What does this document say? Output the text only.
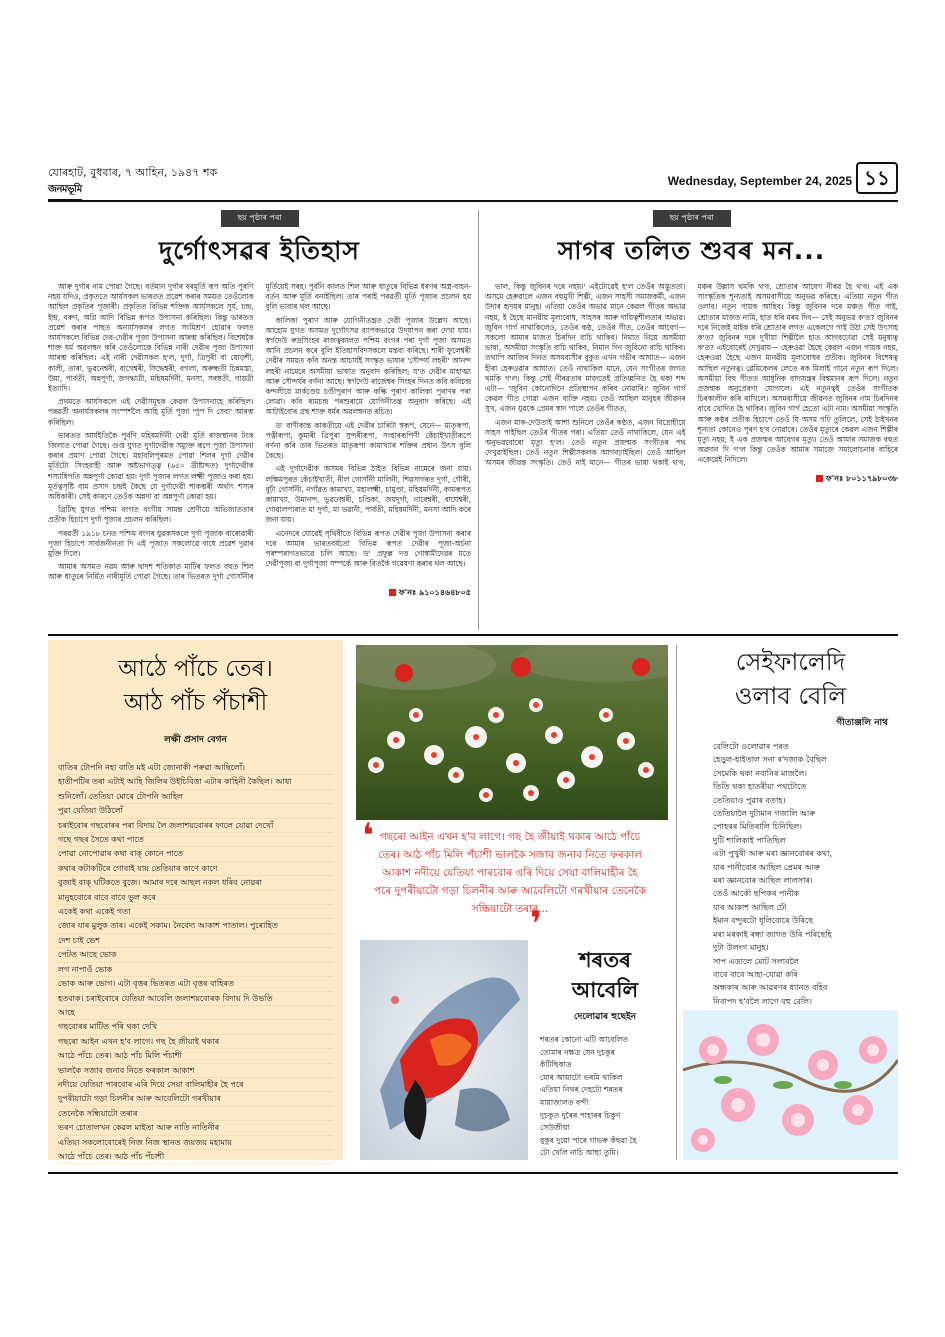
যোৰহাট, বুধবাৰ, ৭ আহিন, ১৯৪৭ শক
জনমভূমি
Wednesday, September 24, 2025 ১১
ছয় পৃষ্ঠাৰ পৰা
দুৰ্গোৎসৱৰ ইতিহাস

আৰু দুৰ্গাৰ নাম পোৱা গৈছে। বৰ্তমান দুৰ্গাৰ বৰমূৰ্তি ৰূপ অতি পুৰণি নহয় যদিও, প্ৰকৃততে আৰ্যসকল ভাৰতত প্ৰৱেশ কৰাৰ সময়ত তেওঁলোক আছিল প্ৰকৃতিৰ পূজাৰী। প্ৰকৃতিত বিভিন্ন শক্তিক আৰ্যসকলে সূৰ্য, চন্দ্ৰ, ইন্দ্ৰ, বৰুণ, অগ্নি আদি বিভিন্ন ৰূপত উপাসনা কৰিছিল। কিন্তু ভাৰতত প্ৰৱেশ কৰাৰ পাছত অনাৰ্যসকলৰ লগত সংমিশ্ৰণ হোৱাৰ ফলত আৰ্যসকলে বিভিন্ন দেব-দেৱীৰ পূজা উপাসনা আৰম্ভ কৰিছিল। বিশেষকৈ শাক্ত ধৰ্ম অৱলম্বন কৰি তেওঁলোকে বিভিন্ন নাৰী দেৱীৰ পূজা উপাসনা আৰম্ভ কৰিছিল। এই নাৰী দেৱীসকল হ'ল, দুৰ্গা, ত্ৰিপুৰী বা ষোড়শী, কালী, তাৰা, ভুৱনেশ্বৰী, বাগেশ্বৰী, সিদ্ধেশ্বৰী, বগলা, অৰুন্ধতী চিন্নমস্তা, উমা, পাৰ্বতী, অন্নপূৰ্ণা, জগদ্ধাত্ৰী, মহিষমৰ্দিনী, মনসা, সৰস্বতী, গায়ত্ৰী ইত্যাদি।

প্ৰথমতে আৰ্যসকলে এই দেৱীসমূহক কেৱল উপাসনাহে কৰিছিল। পৰৱৰ্তী অনাৰ্যসকলৰ সংস্পৰ্শলৈ আহি মূৰ্তি পূজা 'পুপ দি সেবা' আৰম্ভ কৰিছিল।

ভাৰতত আৰ্যইতিকৈ পূৰ্বণি মহিষমৰ্দিনী দেৱী মূৰ্তি ৰাজস্থানৰ টংক জিলাত পোৱা গৈছে। গুপ্ত যুগত দুৰ্গাদেৱীক সম্যুক্ত ৰূপে পূজা উপাসনা কৰাৰ প্ৰমাণ পোৱা গৈছে। মহাবলিপুৰমত পোৱা শিলৰ দুৰ্গা দেৱীৰ মূৰ্তিটো সিংহবাহী আৰু অষ্টভাগত্ত্ব (৬৫০ খ্ৰীষ্টাব্দত) দুৰ্গাদেৱীক শস্যাধিপতি অন্নপূৰ্ণা কোৱা হয়। দুৰ্গা পূজাৰ লগত লক্ষ্মী পূজাও কৰা হয়। মূৰ্তত্বসৃষ্টি বাম প্ৰসাদ চন্দ্ৰই কৈছে যে দুৰ্গাদেৱী শাকম্ভৰী অৰ্থাৎ শস্যৰ অধিকাৰী। সেই কাৰণে তেওঁক অন্নদা বা অন্নপূৰ্ণা কোৱা হয়।

ব্ৰিটিছ যুগত পশ্চিম বংগত বংগীয় সামন্ত শ্ৰেণীয়ে অভিজাততাৰ প্ৰতীক হিচাপে দুৰ্গা পূজাৰ প্ৰচলন কৰিছিল।

পৰৱৰ্তী ১৯১৮ চনত পশ্চিম বংগৰ যুৱকসকলে দুৰ্গা পূজাক বাৰোৱাৰী পূজা হিচাপে সাৰ্বজনীনতা দি এই পূজাত সকলোৱে বাধে প্ৰৱেশ দুৱাৰ মুক্তি দিলে।

আমাৰ অসমত নৱম আৰু দ্বাদশ শতিকাত মাটিৰ ফলত বহুত শিল আৰু ধাতুৰে নিৰ্মিত নাৰীমূৰ্তি পোৱা গৈছে। তাৰ ভিতৰত দুৰ্গা গোসাঁনীৰ মূৰ্তিয়েই সৰহ। পূৰ্বনি কালত শিল আৰু ধাতুৰে বিভিন্ন ধৰণৰ অস্ত্ৰ-বাহন-বৰ্তন আৰু মূৰ্তি বনাইছিল। তাৰ পৰাই পৰৱৰ্তী মূৰ্তি পূজাৰ প্ৰচলন হয় বুলি ভাবাৰ থল আছে।

কালিকা পুৰাণ আৰু যোগিনীতন্ত্ৰত দেৱী পূজাৰ উল্লেখ আছে। আহোম যুগত অসমত দুৰ্গোৎসৱ ব্যাপকভাৱে উদ্‌যাপন কৰা দেখা যায়। স্বৰ্গদেউ ৰুদ্ৰসিংহৰ ৰাজত্বকালত পশ্চিম বংগৰ পৰা দুৰ্গা পূজা অসমত আনি প্ৰচলন কৰে বুলি ইতিহাসবিদসকলে মন্তব্য কৰিছে। শাৰী ফুলেশ্বৰী দেৱীৰ সময়ত কবি অনন্ত আচাৰ্যই সংস্কৃত ভাষাৰ 'সৌন্দৰ্য লহৰী' আনন্দ লহৰী নামেৰে অসমীয়া ভাষাত অনুবাদ কৰিছিল; য'ত দেৱীৰ মাহাত্ম্য আৰু সৌন্দৰ্যৰ বৰ্ণনা আছে। স্বৰ্গদেউ ৰাজেশ্বৰ সিংহৰ দিনত কবি কবিচন্দ্ৰ কন্দলীয়ে মাৰ্কণ্ডেয় চণ্ডীপুৰাণ আৰু কল্কি পুৰাণ কালিকা পুৰাণৰ পৰা লোৱা। কবি ৰামচন্দ্ৰ পৰশুৰামে যোগিনীতন্ত্ৰ অনুবাদ কৰিছে। এই আটাইবোৰ গ্ৰন্থ শাক্ত ধৰ্মৰ অৱলম্বনত ৰচিত।

ড' বাণীকান্ত কাকতীয়ে এই দেৱীৰ চাৰিটা স্বৰূপ, যেনে— মাতৃৰূপা, পত্নীৰূপা, কুমাৰী ত্ৰিপুৰা সুন্দৰীৰূপা, সংহাৰৰূপিণী কেঁচাইখাতীৰূপে বৰ্ণনা কৰি তাৰ ভিতৰত মাতৃৰূপা কামাখ্যাৰ শক্তিৰ প্ৰধান উৎস বুলি কৈছে।

এই দুৰ্গাদেৱীক অসমৰ বিভিন্ন ঠাইত বিভিন্ন নামেৰে জনা যায়। লক্ষিমপুৰত কেঁচাইখাতী, নীল গোসাঁনী মালিনী, শিৱসাগৰত দুৰ্গা, গৌৰী, বুঢ়ী গোসাঁনী, নগাঁৱত কামাখ্যা, মহালক্ষ্মী, চামুণ্ডা, মহিষমৰ্দিনী, কামৰূপত কামাখ্যা, উমানন্দ, ভুৱনেশ্বৰী, চণ্ডিকা, জয়দুৰ্গা, নাৰেশ্বৰী, বাঘেশ্বৰী, গোৱালপাৰাত মা দুৰ্গা, মা ভৱানী, পাৰ্বতী, মহিষমৰ্দিনী, মনসা আদি কৰে জনা যায়।

এনেদৰে যোৱেই পৃথিবীতে বিভিন্ন ৰূপত দেৱীৰ পূজা উপাসনা কৰাৰ দৰে আমাৰ ভাৰতবৰ্ষতো বিভিন্ন ৰূপত দেৱীৰ পূজা-অৰ্চনা পৰম্পৰাগতভাৱে চলি আছে। ড' প্ৰফুল্ল দত্ত গোস্বামীদেৱৰ মতে দেৱীপূজা বা দুৰ্গাপূজা সম্পৰ্কে আৰু বিতৰ্কৈ গৱেষণা কৰাৰ থল আছে।

ফ'নঃ ৯১০১৪৬৪৮০৫
ছয় পৃষ্ঠাৰ পৰা
সাগৰ তলিত শুবৰ মন...

ভাল, কিন্তু জুবিনৰ দৰে নহয়।' এইটোৱেই হ'ল তেওঁৰ অদ্ভুততা। অসমে হেৰুৱালে এজন বহুমুখী শিল্পী, এজন সাহসী সমাজকৰ্মী, এজন উদাৰ হৃদয়ৰ মানুহ। এতিয়া তেওঁৰ অভাৱ মানে কেৱল গীতৰ অভাৱ নহয়, ই হৈছে মানৱীয় মূল্যবোধ, সাহসৰ আৰু দায়িত্বশীলতাৰ অভাৱ। জুবিন গাৰ্গ নাথাকিলেও, তেওঁৰ কণ্ঠ, তেওঁৰ গীত, তেওঁৰ আবেগ— সকলো আমাৰ মাজত চিৰদিন বাচি থাকিব। নিমাত নিয়ে অসমীয়া ভাষা, অসমীয়া সংস্কৃতি বাচি থাকিব, নিমান দিন জুবিনো বাচি থাকিব। তথাপি আজিৰ দিনত অসমবাসীৰ বুকুত এখন গভীৰ আঘাত— এজন হীৰা হেৰুওৱাৰ আঘাত। তেওঁ নাথাকিল মানে, যেন সংগীতৰ জগত থমকি গ'ল। কিন্তু সেই নীৰৱতাৰ মাজতেই প্ৰতিধ্বনিত হৈ থকা শব্দ এটা— 'জুবিন কোনোদিনে প্ৰতিস্থাপন কৰিব নোৱাৰি।' জুবিন গাৰ্গ কেৱল গীত গোৱা এজন ব্যক্তি নহয়। তেওঁ আছিল মানুহৰ জীৱনৰ সুখ, এজন যুৱকে প্ৰেমৰ স্বাদ পালে তেওঁৰ গীতত,

এজন মাক-দেউতাই আশা শুনিলে তেওঁৰ কণ্ঠত, এজন বিদ্ৰোহীয়ে সাহস পাইছিল তেওঁৰ গীতৰ পৰা। এতিয়া তেওঁ নাথাকিলে, যেন এই অনুভৱবোৰো মৃত্যু হ'ল। তেওঁ নতুন প্ৰজন্মক সংগীতৰ পথ দেখুৱাইছিল। তেওঁ নতুন শিল্পীসকলক আগবঢ়াইছিল। তেওঁ আছিল অসমৰ জীৱন্ত সংস্কৃতি। তেওঁ নাই মানে— গীতৰ ভাষা থকাই থ'ব, মঞ্চৰ উল্লাস থমকি থ'ব, শ্ৰোতাৰ আবেগ নীৰৱ হৈ থ'ব। এই এক সাংস্কৃতিক শূন্যতাই অসমবাসীয়ে অনুভৱ কৰিছে। এতিয়া নতুন গীত ওলাব। নতুন গায়ক আহিব। কিন্তু জুবিনৰ দৰে মঞ্চত গীত গাই, শ্ৰোতাৰ মাজত নামি, হাত ধৰি মৰম দিব— সেই অনুভৱ ক'ত? জুবিনৰ দৰে নিজেই মাইক ধৰি শ্ৰোতাৰ লগত একেলগে গাই উঠা সেই উৎসাহ ক'ত? জুবিনৰ দৰে দুখীয়া শিল্পীলৈ হাত আগবঢ়োৱা সেই মনুষ্যত্ব ক'ত? এইবোৰেই দেখুৱায়— হেৰুওৱা হৈছে কেৱল এজন গায়ক নহয়, হেৰুওৱা হৈছে এজন মানৱীয় মূল্যবোধৰ প্ৰতীক। জুবিনৰ বিশেষত্ব আছিল নতুনত্ব। গ্লেমিকেলৰ লেতে ৰক মিলাই গানে নতুন ৰূপ দিলে। অসমীয়া বিহু গীতত আধুনিক বাদ্যযন্ত্ৰৰ বিশ্বমানৰ ৰূপ দিলে। নতুন প্ৰজন্মক অনুপ্ৰেৰণা যোগালে। এই নতুনত্বই তেওঁৰ সংগীতক চিৰকালীন কৰি ৰাখিলে। অসমবাসীয়ে জীৱনত জুবিনৰ নাম চিৰদিনৰ বাবে খোদিত হৈ থাকিব। জুবিন গাৰ্গ হেতো এটা নাম। অসমীয়া সংস্কৃতি আৰু কণ্ঠৰ প্ৰতীক হিচাপে তেওঁ যি অসম গঢ়ি তুলিলে, সেই ঠাইখনৰ শূন্যতা কোনেও পূৰণ হ'ব নোৱাৰে। তেওঁৰ মৃত্যুৰে কেৱল এজন শিল্পীৰ মৃত্যু নহয়; ই এক প্ৰজন্মৰ আবেগৰ মৃত্যু। তেওঁ আমাৰ সমাজক বহুত অৱদান দি গ'ল কিন্তু তেওঁক আমাৰ সমাজে সমালোচনাৰ বাহিৰে একেৱেই নিদিলে।

ফ'নঃ ৮০১১৭৯৮০৩৮
আঠে পাঁচে তেৰ।
আঠ পাঁচ পঁচাশী
লক্ষী প্ৰসাদ বেগন
বাতিৰ টোপনি নহা বাতি মই এটা জোনাকী পৰুৱা আছিলোঁ।
হাতীপটিৰ তৰা এটাই আহি জিলিৰ উইচিবিত্তা এটাৰ কাহিনী কৈছিল। আধা
শুনিলোঁ। তেতিয়া মোৰে টোপনি আহিল
পুৱা যেতিয়া উঠিলোঁ
চৰাইবোৰ গছবোৰৰ পৰা বিদায় লৈ জলাশয়বোৰৰ ফালে যোৱা দেখোঁ
গছে গছৰ সৈতে কথা পাতে
পোৱা নোপোৱাৰ কথা বাক্ কোনে পাতে
কথাৰ কটাকটিৰে গোবাই যায় তেতিয়াৰ কাণে কাণে
বুজাই বাক্ ঘটিকতে বুজে। আমাৰ দৰে আছল নকল ধৰিব নোৱৰা
মানুহবোৰে বাবে বাবে ভুল কৰে
একেই কথা একেই গতা
জোৰ যাৰ মুলুক তাৰ। একেই সকাম। নৈবেদ্য আকাশ পাতাল। পুৰোহিত
দেশ চাই ভেশ
পেটত আছে ভোক
লগ নাপাওঁ ভোক
ভোক আৰু ভোগ। এটা বৃত্তৰ ভিতৰত এটা বৃত্তৰ বাহিৰত
হতবাক। চৰাইবোৰে যেতিয়া আবেলি জলাশয়বোৰক বিদায় দি উভতি
আহে
গছবোৰৰ মাটিত পৰি থকা দেখি
গছৰো আইন এখন হ'ব লাগে। গছ হৈ জীয়াই থকাৰ
আঠে পাঁচে তেৰ। আঠ পাঁচ মিলি পঁচাশী
ভালকৈ সজাব জনাব নিতে ফৰকাল আকাশ
নদীয়ে যেতিয়া পাৰবোৰ এৰি দিয়ে সেয়া বালিমাহীৰ হৈ পৰে
দুপৰীয়াটো গড়া চিলনীৰ আৰু আবেলিটো গৰখীয়াৰ
তেনেকৈ সন্ধিয়াটো তৰাৰ
ভৰণ চোতালখন কেৱল মাইতা আৰু নাতি নাতিনীৰ
এতিয়া সকলোবোৰেই নিজ নিজ স্থানত জয়জয় মহামায়
আঠে পাঁচে তেৰ। আঠ পাঁচ পঁচাশী
❛ গছৰো আইন এখন হ'ব লাগে। গছ হৈ জীয়াই থকাৰ আঠে পাঁচে তেৰ। আঠ পাঁচ মিলি পঁচাশী ভালকৈ সজাব জনাব নিতে ফৰকাল আকাশ নদীয়ে যেতিয়া পাৰবোৰ এৰি দিয়ে সেয়া বালিমাহীৰ হৈ পৰে দুপৰীয়াটো গড়া চিলনীৰ আৰু আবেলিটো গৰখীয়াৰ তেনেকৈ সন্ধিয়াটো তৰাৰ...
❜
শৰতৰ
আবেলি
দেলোৱাৰ হুছেইন
শৰতৰ কোনো এটি আবেলিত
তোমাৰ নক্ষত্ৰ যেন দুচকুৰ
কঁটিছিকাত
মোৰ আয়াটো ভৰমি থাকিল
এতিয়া নিথৰ দেহটো শৰতৰ
মায়াজালত বন্দী
দুচকুত দুৰৈৰ পাহাৰৰ চিকুণ
সেউজীয়া
বুকুৰ দুয়ো পাৰে গাভৰু কঁহুৱা হৈ
টো খেলি নাচি আছা তুমি।
সেইফালেদি
ওলাব বেলি
গীতাঞ্জলি নাথ
বেলিটো ওলোৱাৰ পৰত
হেড়ুল-হাইতাল সনা ৰ'দজাক বৈছিল
সেমেকি থকা নবানিৰ মাজলৈ।
তিতি থকা হাতৰীয়া পথটোতে
তেতিয়াও পুৱাৰ বতাহ।
তেতিয়ালৈ দুটামান গজালি আৰু
পোহৰৰ মিতিৰালি চিনিছিল।
দুটি শালিকাই পাতিছিল
এটা পুখুৰী আৰু মৰা জ্ঞানবোৰৰ কথা,
যাৰ পানীবোৰ আছিল প্ৰেমৰ আৰু
মৰা জ্ঞানবোৰ আছিল লালসাৰ।
তেওঁ আকৌ ছপিকৰ পানীক
যাৰ আকাশ আছিল ঢৌ
ইমান বন্দুৰটো ধূলিবোৰে উৰিছে
মৰা মৰকাই ৰন্ধা জাগত উৰি পৰিছেহি
দুটা উলংগ মানুহ।
সাপ এডালে মোট সলাবলৈ
বাবে বাবে আহা-যোৱা কৰি
অন্ধকাৰ আৰু আৱৰণৰ ধ্যানত বহিব
নিবাপদ হ'বলৈ লাগে বহু বেলি।
